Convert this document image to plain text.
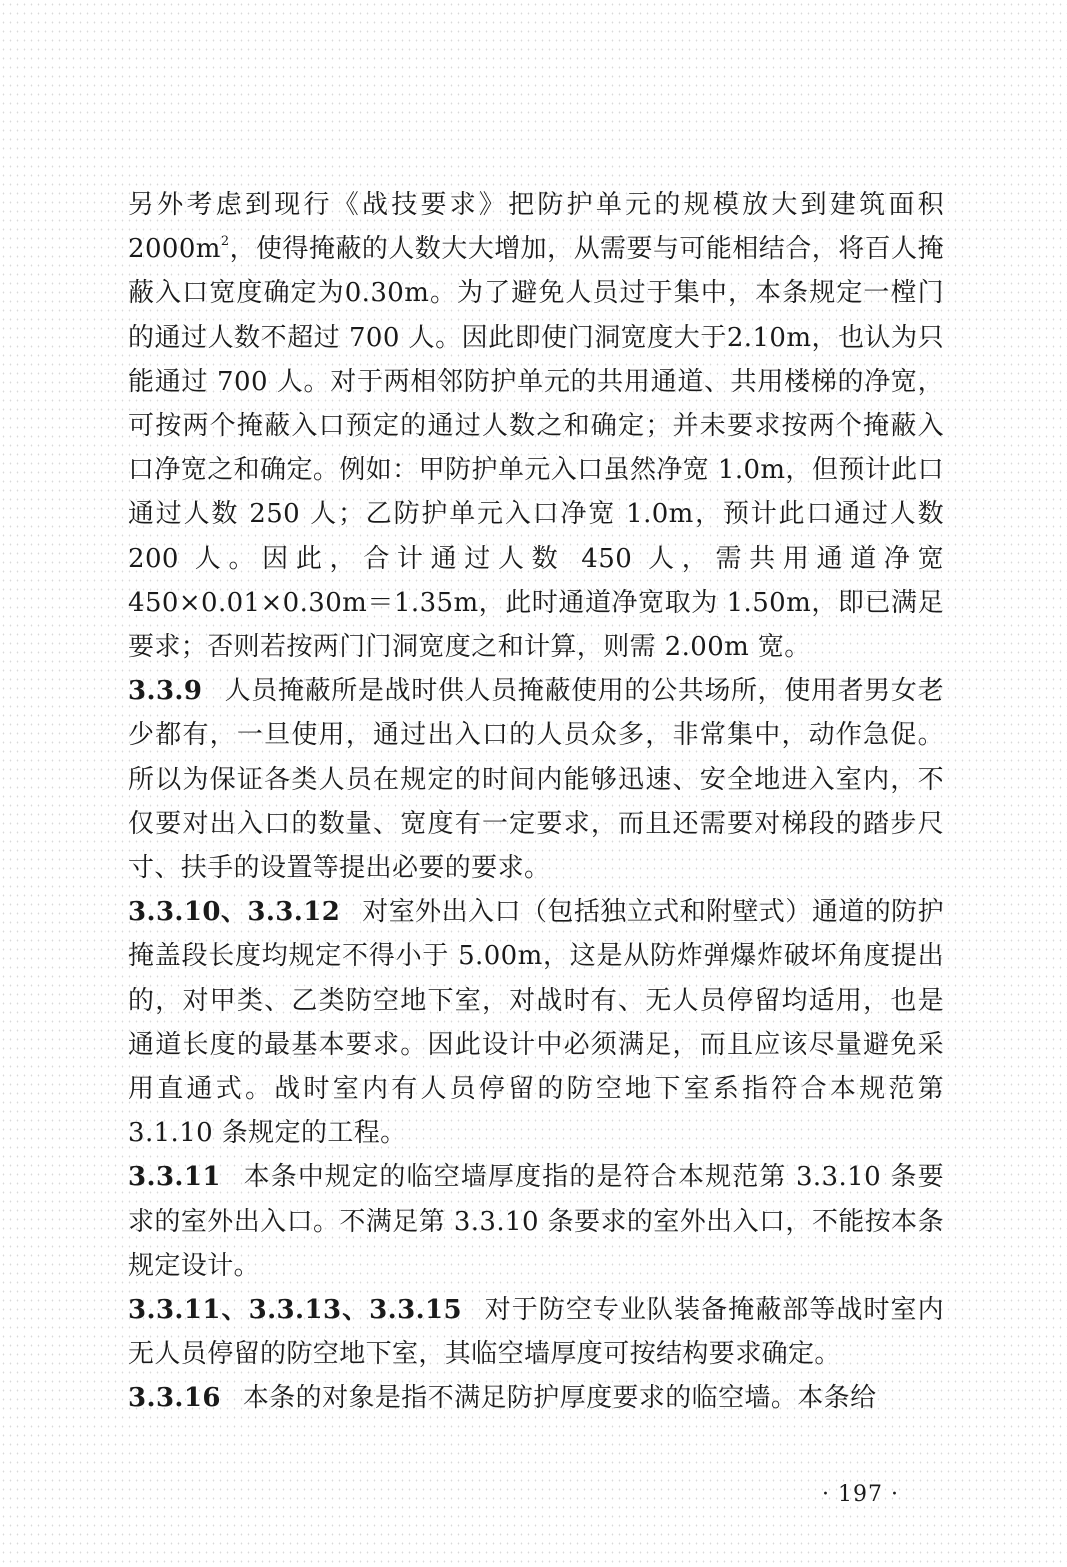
另外考虑到现行《战技要求》把防护单元的规模放大到建筑面积$2000m^2$，使得掩蔽的人数大大增加，从需要与可能相结合，将百人掩蔽入口宽度确定为0.30m。为了避免人员过于集中，本条规定一樘门的通过人数不超过 700 人。因此即使门洞宽度大于2.10m，也认为只能通过 700 人。对于两相邻防护单元的共用通道、共用楼梯的净宽，可按两个掩蔽入口预定的通过人数之和确定；并未要求按两个掩蔽入口净宽之和确定。例如：甲防护单元入口虽然净宽 1.0m，但预计此口通过人数 250 人；乙防护单元入口净宽 1.0m，预计此口通过人数 200 人。因此，合计通过人数 450 人，需共用通道净宽 450×0.01×0.30m＝1.35m，此时通道净宽取为 1.50m，即已满足要求；否则若按两门门洞宽度之和计算，则需 2.00m 宽。

3.3.9 人员掩蔽所是战时供人员掩蔽使用的公共场所，使用者男女老少都有，一旦使用，通过出入口的人员众多，非常集中，动作急促。所以为保证各类人员在规定的时间内能够迅速、安全地进入室内，不仅要对出入口的数量、宽度有一定要求，而且还需要对梯段的踏步尺寸、扶手的设置等提出必要的要求。

3.3.10、3.3.12 对室外出入口（包括独立式和附壁式）通道的防护掩盖段长度均规定不得小于 5.00m，这是从防炸弹爆炸破坏角度提出的，对甲类、乙类防空地下室，对战时有、无人员停留均适用，也是通道长度的最基本要求。因此设计中必须满足，而且应该尽量避免采用直通式。战时室内有人员停留的防空地下室系指符合本规范第 3.1.10 条规定的工程。

3.3.11 本条中规定的临空墙厚度指的是符合本规范第 3.3.10 条要求的室外出入口。不满足第 3.3.10 条要求的室外出入口，不能按本条规定设计。

3.3.11、3.3.13、3.3.15 对于防空专业队装备掩蔽部等战时室内无人员停留的防空地下室，其临空墙厚度可按结构要求确定。

3.3.16 本条的对象是指不满足防护厚度要求的临空墙。本条给

· 197 ·
